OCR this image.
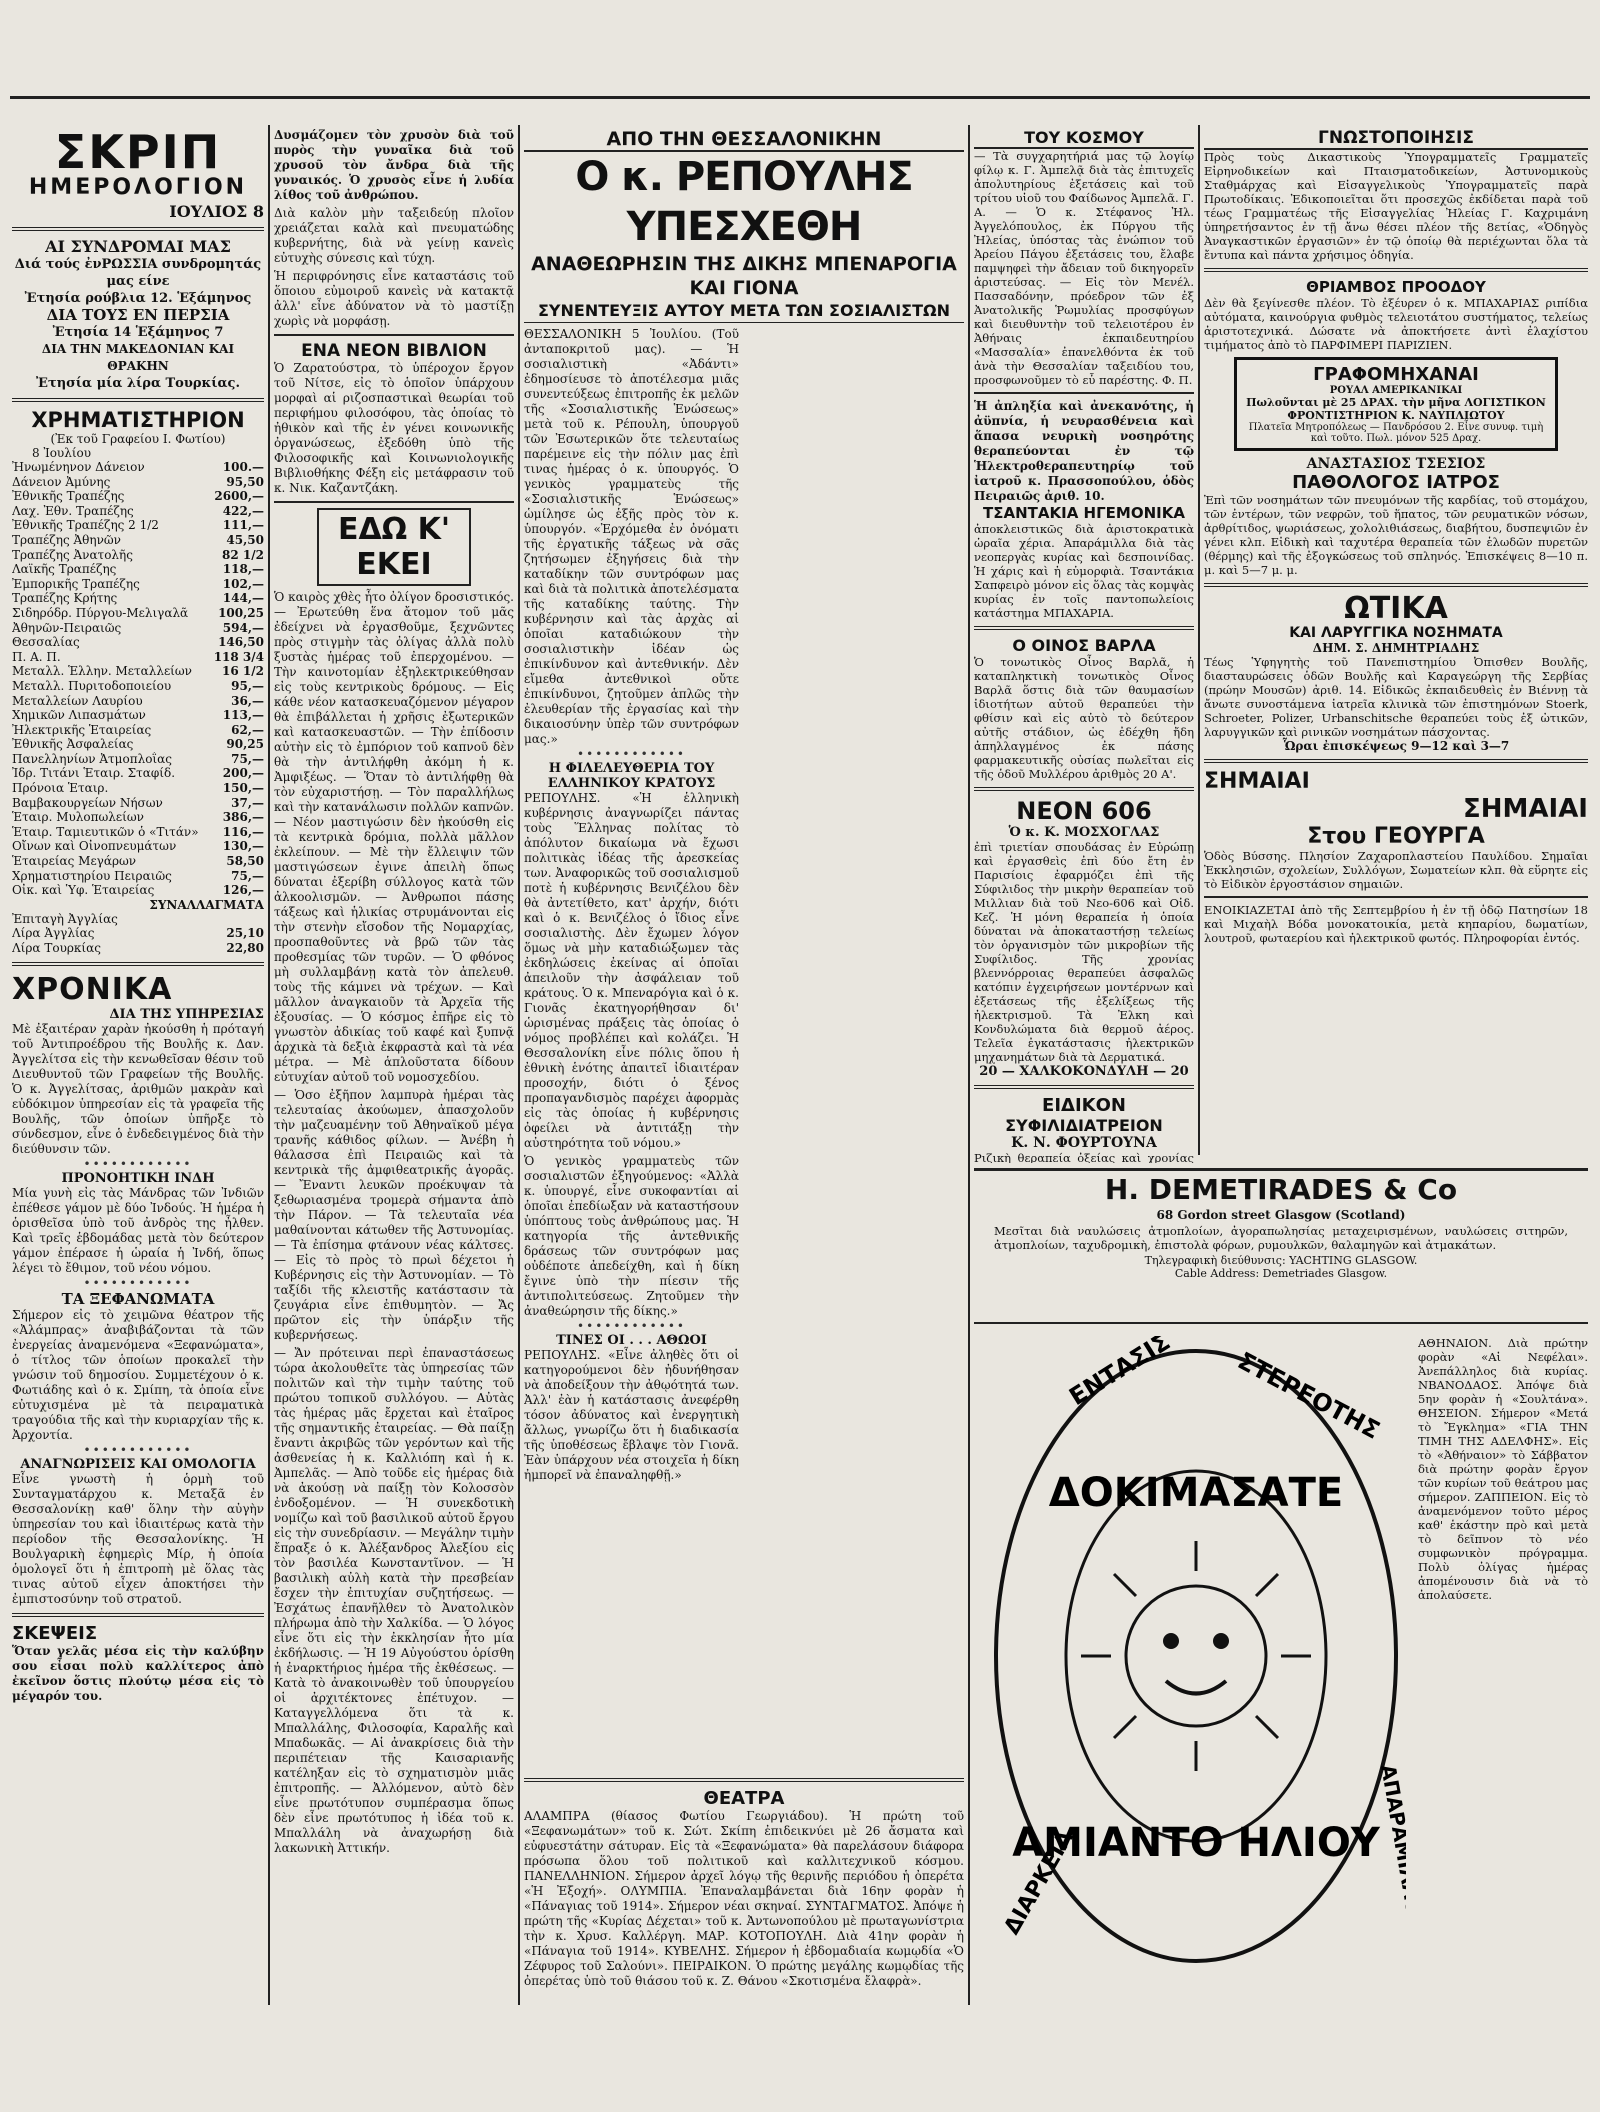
ΣΚΡΙΠ
ΗΜΕΡΟΛΟΓΙΟΝ
ΙΟΥΛΙΟΣ 8
ΑΙ ΣΥΝΔΡΟΜΑΙ ΜΑΣ
Διά τούς ἐνΡΩΣΣΙΑ συνδρομητάς μας είνε
Ἐτησία ρούβλια 12. Ἑξάμηνος
ΔΙΑ ΤΟΥΣ ΕΝ ΠΕΡΣΙΑ
Ἐτησία 14 Ἑξάμηνος 7
ΔΙΑ ΤΗΝ ΜΑΚΕΔΟΝΙΑΝ ΚΑΙ ΘΡΑΚΗΝ
Ἐτησία μία λίρα Τουρκίας.
ΧΡΗΜΑΤΙΣΤΗΡΙΟΝ
(Ἐκ τοῦ Γραφείου Ι. Φωτίου)
8 Ἰουλίου
Ἠνωμένηνον Δάνειον	100.—
Δάνειον Ἀμύνης	95,50
Ἐθνικῆς Τραπέζης	2600,—
Λαχ. Ἐθν. Τραπέζης	422,—
Ἐθνικῆς Τραπέζης 2 1/2	111,—
Τραπέζης Ἀθηνῶν	45,50
Τραπέζης Ἀνατολῆς	82 1/2
Λαϊκῆς Τραπέζης	118,—
Ἐμπορικῆς Τραπέζης	102,—
Τραπέζης Κρήτης	144,—
Σιδηρόδρ. Πύργου-Μελιγαλᾶ	100,25
Ἀθηνῶν-Πειραιῶς	594,—
Θεσσαλίας	146,50
Π. Α. Π.	118 3/4
Μεταλλ. Ἑλλην. Μεταλλείων	16 1/2
Μεταλλ. Πυριτοδοποιείου	95,—
Μεταλλείων Λαυρίου	36,—
Χημικῶν Λιπασμάτων	113,—
Ἠλεκτρικῆς Ἑταιρείας	62,—
Ἐθνικῆς Ἀσφαλείας	90,25
Πανελληνίων Ἀτμοπλοΐας	75,—
Ἰδρ. Τιτάνι Ἑταιρ. Σταφίδ.	200,—
Πρόνοια Ἑταιρ.	150,—
Βαμβακουργείων Νήσων	37,—
Ἑταιρ. Μυλοπωλείων	386,—
Ἑταιρ. Ταμιευτικῶν ὁ «Τιτάν»	116,—
Οἴνων καὶ Οἰνοπνευμάτων	130,—
Ἑταιρείας Μεγάρων	58,50
Χρηματιστηρίου Πειραιῶς	75,—
Οἰκ. καὶ Ὑφ. Ἑταιρείας	126,—
ΣΥΝΑΛΛΑΓΜΑΤΑ
Ἐπιταγὴ Ἀγγλίας
Λίρα Ἀγγλίας	25,10
Λίρα Τουρκίας	22,80
ΧΡΟΝΙΚΑ
ΔΙΑ ΤΗΣ ΥΠΗΡΕΣΙΑΣ

Μὲ ἐξαιτέραν χαρὰν ἠκούσθη ἡ πρόταγή τοῦ Ἀντιπροέδρου τῆς Βουλῆς κ. Δαν. Ἀγγελίτσα εἰς τὴν κενωθεῖσαν θέσιν τοῦ Διευθυντοῦ τῶν Γραφείων τῆς Βουλῆς. Ὁ κ. Ἀγγελίτσας, ἀριθμῶν μακρὰν καὶ εὐδόκιμον ὑπηρεσίαν εἰς τὰ γραφεῖα τῆς Βουλῆς, τῶν ὁποίων ὑπῆρξε τὸ σύνδεσμον, εἶνε ὁ ἐνδεδειγμένος διὰ τὴν διεύθυνσιν τῶν.

•••••
ΠΡΟΝΟΗΤΙΚΗ ΙΝΔΗ

Μία γυνὴ εἰς τὰς Μάνδρας τῶν Ἰνδιῶν ἐπέθεσε γάμον μὲ δύο Ἰνδούς. Ἡ ἡμέρα ἡ ὁρισθεῖσα ὑπὸ τοῦ ἀνδρὸς της ἦλθεν. Καὶ τρεῖς ἑβδομάδας μετὰ τὸν δεύτερον γάμον ἐπέρασε ἡ ὡραία ἡ Ἰνδή, ὅπως λέγει τὸ ἔθιμον, τοῦ νέου νόμου.

•••••
ΤΑ ΞΕΦΑΝΩΜΑΤΑ

Σήμερον εἰς τὸ χειμῶνα θέατρον τῆς «Ἀλάμπρας» ἀναβιβάζονται τὰ τῶν ἐνεργείας ἀναμενόμενα «Ξεφανώματα», ὁ τίτλος τῶν ὁποίων προκαλεῖ τὴν γνώσιν τοῦ δημοσίου. Συμμετέχουν ὁ κ. Φωτιάδης καὶ ὁ κ. Σμίπη, τὰ ὁποία εἶνε εὐτυχισμένα μὲ τὰ πειραματικὰ τραγούδια τῆς καὶ τὴν κυριαρχίαν τῆς κ. Ἀρχοντία.

•••••
ΑΝΑΓΝΩΡΙΣΕΙΣ ΚΑΙ ΟΜΟΛΟΓΙΑ

Εἶνε γνωστὴ ἡ ὁρμὴ τοῦ Συνταγματάρχου κ. Μεταξᾶ ἐν Θεσσαλονίκῃ καθ' ὅλην τὴν αὐγὴν ὑπηρεσίαν του καὶ ἰδιαιτέρως κατὰ τὴν περίοδον τῆς Θεσσαλονίκης. Ἡ Βουλγαρικὴ ἐφημερὶς Μίρ, ἡ ὁποία ὁμολογεῖ ὅτι ἡ ἐπιτροπὴ μὲ ὅλας τὰς τινας αὐτοῦ εἶχεν ἀποκτήσει τὴν ἐμπιστοσύνην τοῦ στρατοῦ.

ΣΚΕΨΕΙΣ

Ὅταν γελᾶς μέσα εἰς τὴν καλύβην σου εἶσαι πολὺ καλλίτερος ἀπὸ ἐκεῖνον ὅστις πλούτῳ μέσα εἰς τὸ μέγαρόν του.

Δυσμάζομεν τὸν χρυσὸν διὰ τοῦ πυρὸς τὴν γυναῖκα διὰ τοῦ χρυσοῦ τὸν ἄνδρα διὰ τῆς γυναικός. Ὁ χρυσὸς εἶνε ἡ λυδία λίθος τοῦ ἀνθρώπου.

Διὰ καλὸν μὴν ταξειδεύῃ πλοῖον χρειάζεται καλὰ καὶ πνευματώδης κυβερνήτης, διὰ νὰ γείνῃ κανεὶς εὐτυχὴς σύνεσις καὶ τύχη.

Ἡ περιφρόνησις εἶνε καταστάσις τοῦ ὅποιου εὐμοιροῦ κανεὶς νὰ κατακτᾷ ἀλλ' εἶνε ἀδύνατον νὰ τὸ μαστίξῃ χωρὶς νὰ μορφάσῃ.

ΕΝΑ ΝΕΟΝ ΒΙΒΛΙΟΝ

Ὁ Ζαρατούστρα, τὸ ὑπέροχον ἔργον τοῦ Νίτσε, εἰς τὸ ὁποῖον ὑπάρχουν μορφαὶ αἱ ριζοσπαστικαὶ θεωρίαι τοῦ περιφήμου φιλοσόφου, τὰς ὁποίας τὸ ἠθικὸν καὶ τῆς ἐν γένει κοινωνικῆς ὀργανώσεως, ἐξεδόθη ὑπὸ τῆς Φιλοσοφικῆς καὶ Κοινωνιολογικῆς Βιβλιοθήκης Φέξη εἰς μετάφρασιν τοῦ κ. Νικ. Καζαντζάκη.

ΕΔΩ Κ' ΕΚΕΙ

Ὁ καιρὸς χθὲς ἦτο ὀλίγον δροσιστικός. — Ἐρωτεύθη ἕνα ἄτομον τοῦ μᾶς ἐδείχνει νὰ ἐργασθοῦμε, ξεχνῶντες πρὸς στιγμὴν τὰς ὀλίγας ἀλλὰ πολὺ ξυστὰς ἡμέρας τοῦ ἐπερχομένου. — Τὴν καινοτομίαν ἐξηλεκτρικεύθησαν εἰς τοὺς κεντρικοὺς δρόμους. — Εἰς κάθε νέον κατασκευαζόμενον μέγαρον θὰ ἐπιβάλλεται ἡ χρῆσις ἐξωτερικῶν καὶ κατασκευαστῶν. — Τὴν ἐπίδοσιν αὐτὴν εἰς τὸ ἐμπόριον τοῦ καπνοῦ δὲν θὰ τὴν ἀντιλήφθη ἀκόμη ἡ κ. Ἀμφιξέως. — Ὅταν τὸ ἀντιλήφθῃ θὰ τὸν εὐχαριστήσῃ. — Τὸν παραλλήλως καὶ τὴν κατανάλωσιν πολλῶν καπνῶν. — Νέον μαστιγώσιν δὲν ἠκούσθη εἰς τὰ κεντρικὰ δρόμια, πολλὰ μᾶλλον ἐκλείπουν. — Μὲ τὴν ἔλλειψιν τῶν μαστιγώσεων ἐγινε ἀπειλὴ ὅπως δύναται ἐξερίβη σύλλογος κατὰ τῶν ἀλκοολισμῶν. — Ἀνθρωποι πάσης τάξεως καὶ ἡλικίας στρυμάνονται εἰς τὴν στενὴν εἴσοδον τῆς Νομαρχίας, προσπαθοῦντες νὰ βρῶ τῶν τὰς προθεσμίας τῶν τυρῶν. — Ὁ φθόνος μὴ συλλαμβάνῃ κατὰ τὸν ἀπελευθ. τοὺς τῆς κάμνει νὰ τρέχων. — Καὶ μᾶλλον ἀναγκαιοῦν τὰ Ἀρχεῖα τῆς ἐξουσίας. — Ὁ κόσμος ἐπῆρε εἰς τὸ γνωστὸν ἀδικίας τοῦ καφέ καὶ ξυπνᾷ ἀρχικὰ τὰ δεξιὰ ἐκφραστὰ καὶ τὰ νέα μέτρα. — Μὲ ἁπλοῦστατα δίδουν εὐτυχίαν αὐτοῦ τοῦ νομοσχεδίου.

— Ὁσο ἐξῆπον λαμπυρὰ ἡμέραι τὰς τελευταίας ἀκούωμεν, ἀπασχολοῦν τὴν μαζευαμένην τοῦ Ἀθηναϊκοῦ μέγα τρανῆς κάθιδος φίλων. — Ἀνέβη ἡ θάλασσα ἐπὶ Πειραιῶς καὶ τὰ κεντρικὰ τῆς ἀμφιθεατρικῆς ἀγορᾶς. — Ἔναντι λευκῶν προέκυψαν τὰ ξεθωριασμένα τρομερὰ σήμαντα ἀπὸ τὴν Πάρον. — Τὰ τελευταῖα νέα μαθαίνονται κάτωθεν τῆς Ἀστυνομίας. — Τὰ ἐπίσημα φτάνουν νέας κάλτσες. — Εἰς τὸ πρὸς τὸ πρωὶ δέχετοι ἡ Κυβέρνησις εἰς τὴν Ἀστυνομίαν. — Τὸ ταξίδι τῆς κλειστῆς κατάστασιν τὰ ζευγάρια εἶνε ἐπιθυμητὸν. — Ἄς πρῶτον εἰς τὴν ὑπάρξιν τῆς κυβερνήσεως.

— Ἄν πρότειναι περὶ ἐπαναστάσεως τώρα ἀκολουθεῖτε τὰς ὑπηρεσίας τῶν πολιτῶν καὶ τὴν τιμὴν ταύτης τοῦ πρώτου τοπικοῦ συλλόγου. — Αὐτὰς τὰς ἡμέρας μᾶς ἔρχεται καὶ ἐταῖρος τῆς σημαντικῆς ἐταιρείας. — Θὰ παίξῃ ἔναντι ἀκριβῶς τῶν γερόντων καὶ τῆς ἀσθενείας ἡ κ. Καλλιόπη καὶ ἡ κ. Ἀμπελᾶς. — Ἀπὸ τοῦδε εἰς ἡμέρας διὰ νὰ ἀκούσῃ νὰ παίξῃ τὸν Κολοσσὸν ἐνδοξομένον. — Ἡ συνεκδοτικὴ νομίζω καὶ τοῦ βασιλικοῦ αὐτοῦ ἔργου εἰς τὴν συνεδρίασιν. — Μεγάλην τιμὴν ἔπραξε ὁ κ. Ἀλέξανδρος Ἀλεξίου εἰς τὸν βασιλέα Κωνσταντῖνον. — Ἡ βασιλικὴ αὐλὴ κατὰ τὴν πρεσβείαν ἔσχεν τὴν ἐπιτυχίαν συζητήσεως. — Ἐσχάτως ἐπανῆλθεν τὸ Ἀνατολικὸν πλήρωμα ἀπὸ τὴν Χαλκίδα. — Ὁ λόγος εἶνε ὅτι εἰς τὴν ἐκκλησίαν ἦτο μία ἐκδήλωσις. — Ἡ 19 Αὐγούστου ὁρίσθη ἡ ἐναρκτήριος ἡμέρα τῆς ἐκθέσεως. — Κατὰ τὸ ἀνακοινωθὲν τοῦ ὑπουργείου οἱ ἀρχιτέκτονες ἐπέτυχον. — Καταγγελλόμενα ὅτι τὰ κ. Μπαλλάλης, Φιλοσοφία, Καραλῆς καὶ Μπαδωκᾶς. — Αἱ ἀνακρίσεις διὰ τὴν περιπέτειαν τῆς Καισαριανῆς κατέληξαν εἰς τὸ σχηματισμὸν μιᾶς ἐπιτροπῆς. — Ἀλλόμενον, αὐτὸ δὲν εἶνε πρωτότυπον συμπέρασμα ὅπως δὲν εἶνε πρωτότυπος ἡ ἰδέα τοῦ κ. Μπαλλάλη νὰ ἀναχωρήσῃ διὰ λακωνικὴ Ἀττικήν.

ΑΠΟ ΤΗΝ ΘΕΣΣΑΛΟΝΙΚΗΝ
Ο κ. ΡΕΠΟΥΛΗΣ ΥΠΕΣΧΕΘΗ
ΑΝΑΘΕΩΡΗΣΙΝ ΤΗΣ ΔΙΚΗΣ ΜΠΕΝΑΡΟΓΙΑ ΚΑΙ ΓΙΟΝΑ
ΣΥΝΕΝΤΕΥΞΙΣ ΑΥΤΟΥ ΜΕΤΑ ΤΩΝ ΣΟΣΙΑΛΙΣΤΩΝ

ΘΕΣΣΑΛΟΝΙΚΗ 5 Ἰουλίου. (Τοῦ ἀνταποκριτοῦ μας). — Ἡ σοσιαλιστικὴ «Ἀδάντι» ἐδημοσίευσε τὸ ἀποτέλεσμα μιᾶς συνεντεύξεως ἐπιτροπῆς ἐκ μελῶν τῆς «Σοσιαλιστικῆς Ἑνώσεως» μετὰ τοῦ κ. Ρέπουλη, ὑπουργοῦ τῶν Ἐσωτερικῶν ὅτε τελευταίως παρέμεινε εἰς τὴν πόλιν μας ἐπὶ τινας ἡμέρας ὁ κ. ὑπουργός. Ὁ γενικὸς γραμματεὺς τῆς «Σοσιαλιστικῆς Ἑνώσεως» ὡμίλησε ὡς ἑξῆς πρὸς τὸν κ. ὑπουργόν. «Ἐρχόμεθα ἐν ὀνόματι τῆς ἐργατικῆς τάξεως νὰ σᾶς ζητήσωμεν ἐξηγήσεις διὰ τὴν καταδίκην τῶν συντρόφων μας καὶ διὰ τὰ πολιτικὰ ἀποτελέσματα τῆς καταδίκης ταύτης. Τὴν κυβέρνησιν καὶ τὰς ἀρχὰς αἱ ὁποῖαι καταδιώκουν τὴν σοσιαλιστικὴν ἰδέαν ὡς ἐπικίνδυνον καὶ ἀντεθνικήν. Δὲν εἴμεθα ἀντεθνικοὶ οὔτε ἐπικίνδυνοι, ζητοῦμεν ἁπλῶς τὴν ἐλευθερίαν τῆς ἐργασίας καὶ τὴν δικαιοσύνην ὑπὲρ τῶν συντρόφων μας.»

•••••
Η ΦΙΛΕΛΕΥΘΕΡΙΑ ΤΟΥ ΕΛΛΗΝΙΚΟΥ ΚΡΑΤΟΥΣ

ΡΕΠΟΥΛΗΣ. «Ἡ ἑλληνικὴ κυβέρνησις ἀναγνωρίζει πάντας τοὺς Ἕλληνας πολίτας τὸ ἀπόλυτον δικαίωμα νὰ ἔχωσι πολιτικὰς ἰδέας τῆς ἀρεσκείας των. Ἀναφορικῶς τοῦ σοσιαλισμοῦ ποτὲ ἡ κυβέρνησις Βενιζέλου δὲν θὰ ἀντετίθετο, κατ' ἀρχήν, διότι καὶ ὁ κ. Βενιζέλος ὁ ἴδιος εἶνε σοσιαλιστὴς. Δὲν ἔχωμεν λόγον ὅμως νὰ μὴν καταδιώξωμεν τὰς ἐκδηλώσεις ἐκείνας αἱ ὁποῖαι ἀπειλοῦν τὴν ἀσφάλειαν τοῦ κράτους. Ὁ κ. Μπεναρόγια καὶ ὁ κ. Γιονᾶς ἐκατηγορήθησαν δι' ὡρισμένας πράξεις τὰς ὁποίας ὁ νόμος προβλέπει καὶ κολάζει. Ἡ Θεσσαλονίκη εἶνε πόλις ὅπου ἡ ἐθνικὴ ἑνότης ἀπαιτεῖ ἰδιαιτέραν προσοχήν, διότι ὁ ξένος προπαγανδισμὸς παρέχει ἀφορμὰς εἰς τὰς ὁποίας ἡ κυβέρνησις ὀφείλει νὰ ἀντιτάξῃ τὴν αὐστηρότητα τοῦ νόμου.»

Ὁ γενικὸς γραμματεὺς τῶν σοσιαλιστῶν ἐξηγούμενος: «Ἀλλὰ κ. ὑπουργέ, εἶνε συκοφαντίαι αἱ ὁποῖαι ἐπεδίωξαν νὰ καταστήσουν ὑπόπτους τοὺς ἀνθρώπους μας. Ἡ κατηγορία τῆς ἀντεθνικῆς δράσεως τῶν συντρόφων μας οὐδέποτε ἀπεδείχθη, καὶ ἡ δίκη ἔγινε ὑπὸ τὴν πίεσιν τῆς ἀντιπολιτεύσεως. Ζητοῦμεν τὴν ἀναθεώρησιν τῆς δίκης.»

•••••
ΤΙΝΕΣ ΟΙ . . . ΑΘΩΟΙ

ΡΕΠΟΥΛΗΣ. «Εἶνε ἀληθὲς ὅτι οἱ κατηγορούμενοι δὲν ἠδυνήθησαν νὰ ἀποδείξουν τὴν ἀθῳότητά των. Ἀλλ' ἐὰν ἡ κατάστασις ἀνεφέρθη τόσον ἀδύνατος καὶ ἐνεργητικὴ ἄλλως, γνωρίζω ὅτι ἡ διαδικασία τῆς ὑποθέσεως ἔβλαψε τὸν Γιονᾶ. Ἐὰν ὑπάρχουν νέα στοιχεῖα ἡ δίκη ἠμπορεῖ νὰ ἐπαναληφθῇ.»

ΘΕΑΤΡΑ

ΑΛΑΜΠΡΑ (θίασος Φωτίου Γεωργιάδου). Ἡ πρώτη τοῦ «Ξεφανωμάτων» τοῦ κ. Σώτ. Σκίπη ἐπιδεικνύει μὲ 26 ἄσματα καὶ εὐφυεστάτην σάτυραν. Εἰς τὰ «Ξεφανώματα» θὰ παρελάσουν διάφορα πρόσωπα ὅλου τοῦ πολιτικοῦ καὶ καλλιτεχνικοῦ κόσμου. ΠΑΝΕΛΛΗΝΙΟΝ. Σήμερον ἀρχεῖ λόγῳ τῆς θερινῆς περιόδου ἡ ὀπερέτα «Ἡ Ἐξοχή». ΟΛΥΜΠΙΑ. Ἐπαναλαμβάνεται διὰ 16ην φορὰν ἡ «Πάναγιας τοῦ 1914». Σήμερον νέαι σκηναί. ΣΥΝΤΑΓΜΑΤΟΣ. Ἀπόψε ἡ πρώτη τῆς «Κυρίας Δέχεται» τοῦ κ. Ἀντωνοπούλου μὲ πρωταγωνίστρια τὴν κ. Χρυσ. Καλλέργη. ΜΑΡ. ΚΟΤΟΠΟΥΛΗ. Διὰ 41ην φορὰν ἡ «Πάναγια τοῦ 1914». ΚΥΒΕΛΗΣ. Σήμερον ἡ ἐβδομαδιαία κωμῳδία «Ὁ Ζέφυρος τοῦ Σαλούνι». ΠΕΙΡΑΙΚΟΝ. Ὁ πρώτης μεγάλης κωμῳδίας τῆς ὀπερέτας ὑπὸ τοῦ θιάσου τοῦ κ. Ζ. Θάνου «Σκοτισμένα ἔλαφρὰ».

ΤΟΥ ΚΟΣΜΟΥ

— Τὰ συγχαρητήριά μας τῷ λογίῳ φίλῳ κ. Γ. Ἀμπελᾷ διὰ τὰς ἐπιτυχεῖς ἀπολυτηρίους ἐξετάσεις καὶ τοῦ τρίτου υἱοῦ του Φαίδωνος Ἀμπελᾶ. Γ. Α. — Ὁ κ. Στέφανος Ἠλ. Ἀγγελόπουλος, ἐκ Πύργου τῆς Ἠλείας, ὑπόστας τὰς ἐνώπιον τοῦ Ἀρείου Πάγου ἐξετάσεις του, ἔλαβε παμψηφεὶ τὴν ἄδειαν τοῦ δικηγορεῖν ἀριστεύσας. — Εἰς τὸν Μενέλ. Πασσαδόνην, πρόεδρον τῶν ἐξ Ἀνατολικῆς Ῥωμυλίας προσφύγων καὶ διευθυντὴν τοῦ τελειοτέρου ἐν Ἀθήναις ἐκπαιδευτηρίου «Μασσαλία» ἐπανελθόντα ἐκ τοῦ ἀνὰ τὴν Θεσσαλίαν ταξειδίου του, προσφωνοῦμεν τὸ εὖ παρέστης. Φ. Π.

Ἡ ἀπληξία καὶ ἀνεκανότης, ἡ ἀϋπνία, ἡ νευρασθένεια καὶ ἅπασα νευρικὴ νοσηρότης θεραπεύονται ἐν τῷ Ἡλεκτροθεραπευτηρίῳ τοῦ ἰατροῦ κ. Πρασσοπούλου, ὁδὸς Πειραιῶς ἀριθ. 10.

ΤΣΑΝΤΑΚΙΑ ΗΓΕΜΟΝΙΚΑ

ἀποκλειστικῶς διὰ ἀριστοκρατικὰ ὡραῖα χέρια. Ἀπαράμιλλα διὰ τὰς νεοπεργὰς κυρίας καὶ δεσποινίδας. Ἡ χάρις καὶ ἡ εὐμορφιὰ. Τσαντάκια Σαπφειρὸ μόνον εἰς ὅλας τὰς κομψὰς κυρίας ἐν τοῖς παντοπωλείοις κατάστημα ΜΠΑΧΑΡΙΑ.

Ο ΟΙΝΟΣ ΒΑΡΛΑ

Ὁ τονωτικὸς Οἶνος Βαρλᾶ, ἡ καταπληκτικὴ τονωτικὸς Οἶνος Βαρλᾶ ὅστις διὰ τῶν θαυμασίων ἰδιοτήτων αὐτοῦ θεραπεύει τὴν φθίσιν καὶ εἰς αὐτὸ τὸ δεύτερον αὐτῆς στάδιον, ὡς ἐδέχθη ἤδη ἀπηλλαγμένος ἐκ πάσης φαρμακευτικῆς οὐσίας πωλεῖται εἰς τῆς ὁδοῦ Μυλλέρου ἀριθμὸς 20 Α'.

ΝΕΟΝ 606
Ὁ κ. Κ. ΜΟΣΧΟΓΛΑΣ

ἐπὶ τριετίαν σπουδάσας ἐν Εὐρώπῃ καὶ ἐργασθεὶς ἐπὶ δύο ἔτη ἐν Παρισίοις ἐφαρμόζει ἐπὶ τῆς Σύφιλιδος τὴν μικρὴν θεραπείαν τοῦ Μιλλιαν διὰ τοῦ Νεο-606 καὶ Οἰδ. Κεζ. Ἡ μόνη θεραπεία ἡ ὁποία δύναται νὰ ἀποκαταστήσῃ τελείως τὸν ὀργανισμὸν τῶν μικροβίων τῆς Συφίλιδος. Τῆς χρονίας βλεννόρροιας θεραπεύει ἀσφαλῶς κατόπιν ἐγχειρήσεων μοντέρνων καὶ ἐξετάσεως τῆς ἐξελίξεως τῆς ἠλεκτρισμοῦ. Τὰ Ἐλκη καὶ Κονδυλώματα διὰ θερμοῦ ἀέρος. Τελεῖα ἐγκατάστασις ἠλεκτρικῶν μηχανημάτων διὰ τὰ Δερματικά.

20 — ΧΑΛΚΟΚΟΝΔΥΛΗ — 20
ΕΙΔΙΚΟΝ
ΣΥΦΙΛΙΔΙΑΤΡΕΙΟΝ
Κ. Ν. ΦΟΥΡΤΟΥΝΑ

Ριζικὴ θεραπεία ὀξείας καὶ χρονίας

ΓΝΩΣΤΟΠΟΙΗΣΙΣ

Πρὸς τοὺς Δικαστικοὺς Ὑπογραμματεῖς Γραμματεῖς Εἰρηνοδικείων καὶ Πταισματοδικείων, Ἀστυνομικοὺς Σταθμάρχας καὶ Εἰσαγγελικοὺς Ὑπογραμματεῖς παρὰ Πρωτοδίκαις. Ἐδικοποιεῖται ὅτι προσεχῶς ἐκδίδεται παρὰ τοῦ τέως Γραμματέως τῆς Εἰσαγγελίας Ἠλείας Γ. Καχριμάνη ὑπηρετήσαντος ἐν τῇ ἄνω θέσει πλέον τῆς 8ετίας, «Ὁδηγὸς Ἀναγκαστικῶν ἐργασιῶν» ἐν τῷ ὁποίῳ θὰ περιέχωνται ὅλα τὰ ἔντυπα καὶ πάντα χρήσιμος ὁδηγία.

ΘΡΙΑΜΒΟΣ ΠΡΟΟΔΟΥ

Δὲν θὰ ξεγίνεσθε πλέον. Τὸ ἐξέυρεν ὁ κ. ΜΠΑΧΑΡΙΑΣ ριπίδια αὐτόματα, καινούργια φυθμὸς τελειοτάτου συστήματος, τελείως ἀριστοτεχνικά. Δώσατε νὰ ἀποκτήσετε ἀντὶ ἐλαχίστου τιμήματος ἀπὸ τὸ ΠΑΡΦΙΜΕΡΙ ΠΑΡΙΖΙΕΝ.

ΓΡΑΦΟΜΗΧΑΝΑΙ
ΡΟΥΑΛ ΑΜΕΡΙΚΑΝΙΚΑΙ
Πωλοῦνται μὲ 25 ΔΡΑΧ. τὴν μῆνα ΛΟΓΙΣΤΙΚΟΝ ΦΡΟΝΤΙΣΤΗΡΙΟΝ Κ. ΝΑΥΠΛΙΩΤΟΥ
Πλατεῖα Μητροπόλεως — Πανδρόσου 2. Εἶνε συνυφ. τιμὴ καὶ τοῦτο. Πωλ. μόνον 525 Δραχ.
ΑΝΑΣΤΑΣΙΟΣ ΤΣΕΣΙΟΣ
ΠΑΘΟΛΟΓΟΣ ΙΑΤΡΟΣ

Ἐπὶ τῶν νοσημάτων τῶν πνευμόνων τῆς καρδίας, τοῦ στομάχου, τῶν ἐντέρων, τῶν νεφρῶν, τοῦ ἥπατος, τῶν ρευματικῶν νόσων, ἀρθρίτιδος, ψωριάσεως, χολολιθιάσεως, διαβήτου, δυσπεψιῶν ἐν γένει κλπ. Εἰδικὴ καὶ ταχυτέρα θεραπεία τῶν ἑλωδῶν πυρετῶν (θέρμης) καὶ τῆς ἐξογκώσεως τοῦ σπληνός. Ἐπισκέψεις 8—10 π. μ. καὶ 5—7 μ. μ.

ΩΤΙΚΑ
ΚΑΙ ΛΑΡΥΓΓΙΚΑ ΝΟΣΗΜΑΤΑ
ΔΗΜ. Σ. ΔΗΜΗΤΡΙΑΔΗΣ

Τέως Ὑφηγητὴς τοῦ Πανεπιστημίου Ὀπισθεν Βουλῆς, διασταυρώσεις ὁδῶν Βουλῆς καὶ Καραγεώργη τῆς Σερβίας (πρώην Μουσῶν) ἀριθ. 14. Εἰδικῶς ἐκπαιδευθεὶς ἐν Βιέννῃ τὰ ἄνωτε συνοστάμενα ἰατρεῖα κλινικὰ τῶν ἐπιστημόνων Stoerk, Schroeter, Polizer, Urbanschitsche θεραπεύει τοὺς ἐξ ὠτικῶν, λαρυγγικῶν καὶ ρινικῶν νοσημάτων πάσχοντας.

Ὧραι ἐπισκέψεως 9—12 καὶ 3—7
ΣΗΜΑΙΑΙ
ΣΗΜΑΙΑΙ
Στου ΓΕΟΥΡΓΑ

Ὁδὸς Βύσσης. Πλησίον Ζαχαροπλαστείου Παυλίδου. Σημαῖαι Ἐκκλησιῶν, σχολείων, Συλλόγων, Σωματείων κλπ. θὰ εὕρητε εἰς τὸ Εἰδικὸν ἐργοστάσιον σημαιῶν.

ΕΝΟΙΚΙΑΖΕΤΑΙ ἀπὸ τῆς Σεπτεμβρίου ἡ ἐν τῇ ὁδῷ Πατησίων 18 καὶ Μιχαὴλ Βόδα μονοκατοικία, μετὰ κηπαρίου, δωματίων, λουτροῦ, φωταερίου καὶ ἠλεκτρικοῦ φωτός. Πληροφορίαι ἐντός.

H. DEMETIRADES & Co
68 Gordon street Glasgow (Scotland)

Μεσῖται διὰ ναυλώσεις ἀτμοπλοίων, ἀγοραπωλησίας μεταχειρισμένων, ναυλώσεις σιτηρῶν, ἀτμοπλοίων, ταχυδρομικὴ, ἐπιστολὰ φόρων, ρυμουλκῶν, θαλαμηγῶν καὶ ἀτμακάτων.

Τηλεγραφικὴ διεύθυνσις: YACHTING GLASGOW.
Cable Address: Demetriades Glasgow.
ΕΝΤΑΣΙΣ ΣΤΕΡΕΟΤΗΣ
ΔΟΚΙΜΑΣΑΤΕ
ΑΜΙΑΝΤΟ ΗΛΙΟΥ
ΔΙΑΡΚΕΙΑ	ΑΠΑΡΑΜΙΛΛΟΙ

ΑΘΗΝΑΙΟΝ. Διὰ πρώτην φορὰν «Αἱ Νεφέλαι». Ἀνεπάλληλος διὰ κυρίας. ΝΒΑΝΟΔΑΟΣ. Ἀπόψε διὰ 5ην φορὰν ἡ «Σουλτάνα». ΘΗΣΕΙΟΝ. Σήμερον «Μετά τὸ Ἔγκλημα» «ΓΙΑ ΤΗΝ ΤΙΜΗ ΤΗΣ ΑΔΕΛΦΗΣ». Εἰς τὸ «Ἀθήναιον» τὸ Σάββατον διὰ πρώτην φορὰν ἔργον τῶν κυρίων τοῦ θεάτρου μας σήμερον. ΖΑΠΠΕΙΟΝ. Εἰς τὸ ἀναμενόμενον τοῦτο μέρος καθ' ἑκάστην πρὸ καὶ μετὰ τὸ δεῖπνον τὸ νέο συμφωνικὸν πρόγραμμα. Πολὺ ὀλίγας ἡμέρας ἀπομένουσιν διὰ νὰ τὸ ἀπολαύσετε.
